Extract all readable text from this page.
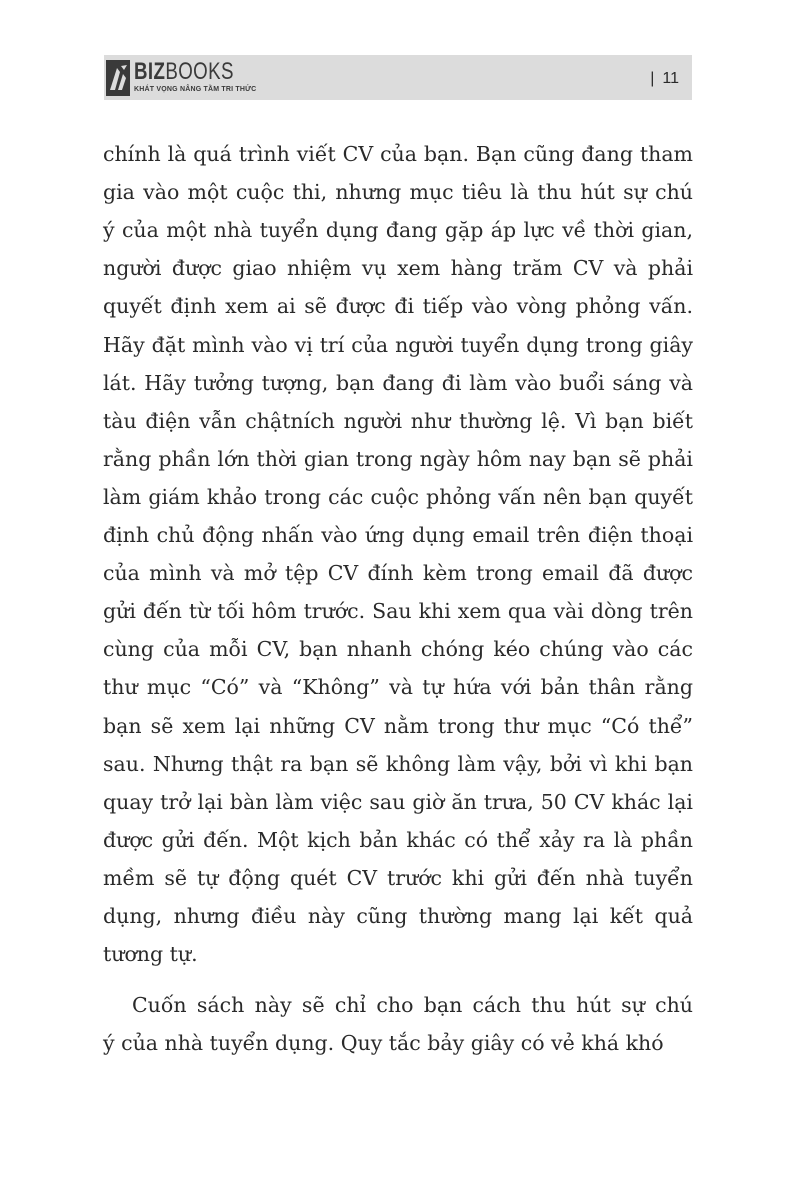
BIZBOOKS
KHÁT VỌNG NÂNG TẦM TRI THỨC
| 11
chính là quá trình viết CV của bạn. Bạn cũng đang tham
gia vào một cuộc thi, nhưng mục tiêu là thu hút sự chú
ý của một nhà tuyển dụng đang gặp áp lực về thời gian,
người được giao nhiệm vụ xem hàng trăm CV và phải
quyết định xem ai sẽ được đi tiếp vào vòng phỏng vấn.
Hãy đặt mình vào vị trí của người tuyển dụng trong giây
lát. Hãy tưởng tượng, bạn đang đi làm vào buổi sáng và
tàu điện vẫn chậtních người như thường lệ. Vì bạn biết
rằng phần lớn thời gian trong ngày hôm nay bạn sẽ phải
làm giám khảo trong các cuộc phỏng vấn nên bạn quyết
định chủ động nhấn vào ứng dụng email trên điện thoại
của mình và mở tệp CV đính kèm trong email đã được
gửi đến từ tối hôm trước. Sau khi xem qua vài dòng trên
cùng của mỗi CV, bạn nhanh chóng kéo chúng vào các
thư mục “Có” và “Không” và tự hứa với bản thân rằng
bạn sẽ xem lại những CV nằm trong thư mục “Có thể”
sau. Nhưng thật ra bạn sẽ không làm vậy, bởi vì khi bạn
quay trở lại bàn làm việc sau giờ ăn trưa, 50 CV khác lại
được gửi đến. Một kịch bản khác có thể xảy ra là phần
mềm sẽ tự động quét CV trước khi gửi đến nhà tuyển
dụng, nhưng điều này cũng thường mang lại kết quả
tương tự.
Cuốn sách này sẽ chỉ cho bạn cách thu hút sự chú
ý của nhà tuyển dụng. Quy tắc bảy giây có vẻ khá khó
